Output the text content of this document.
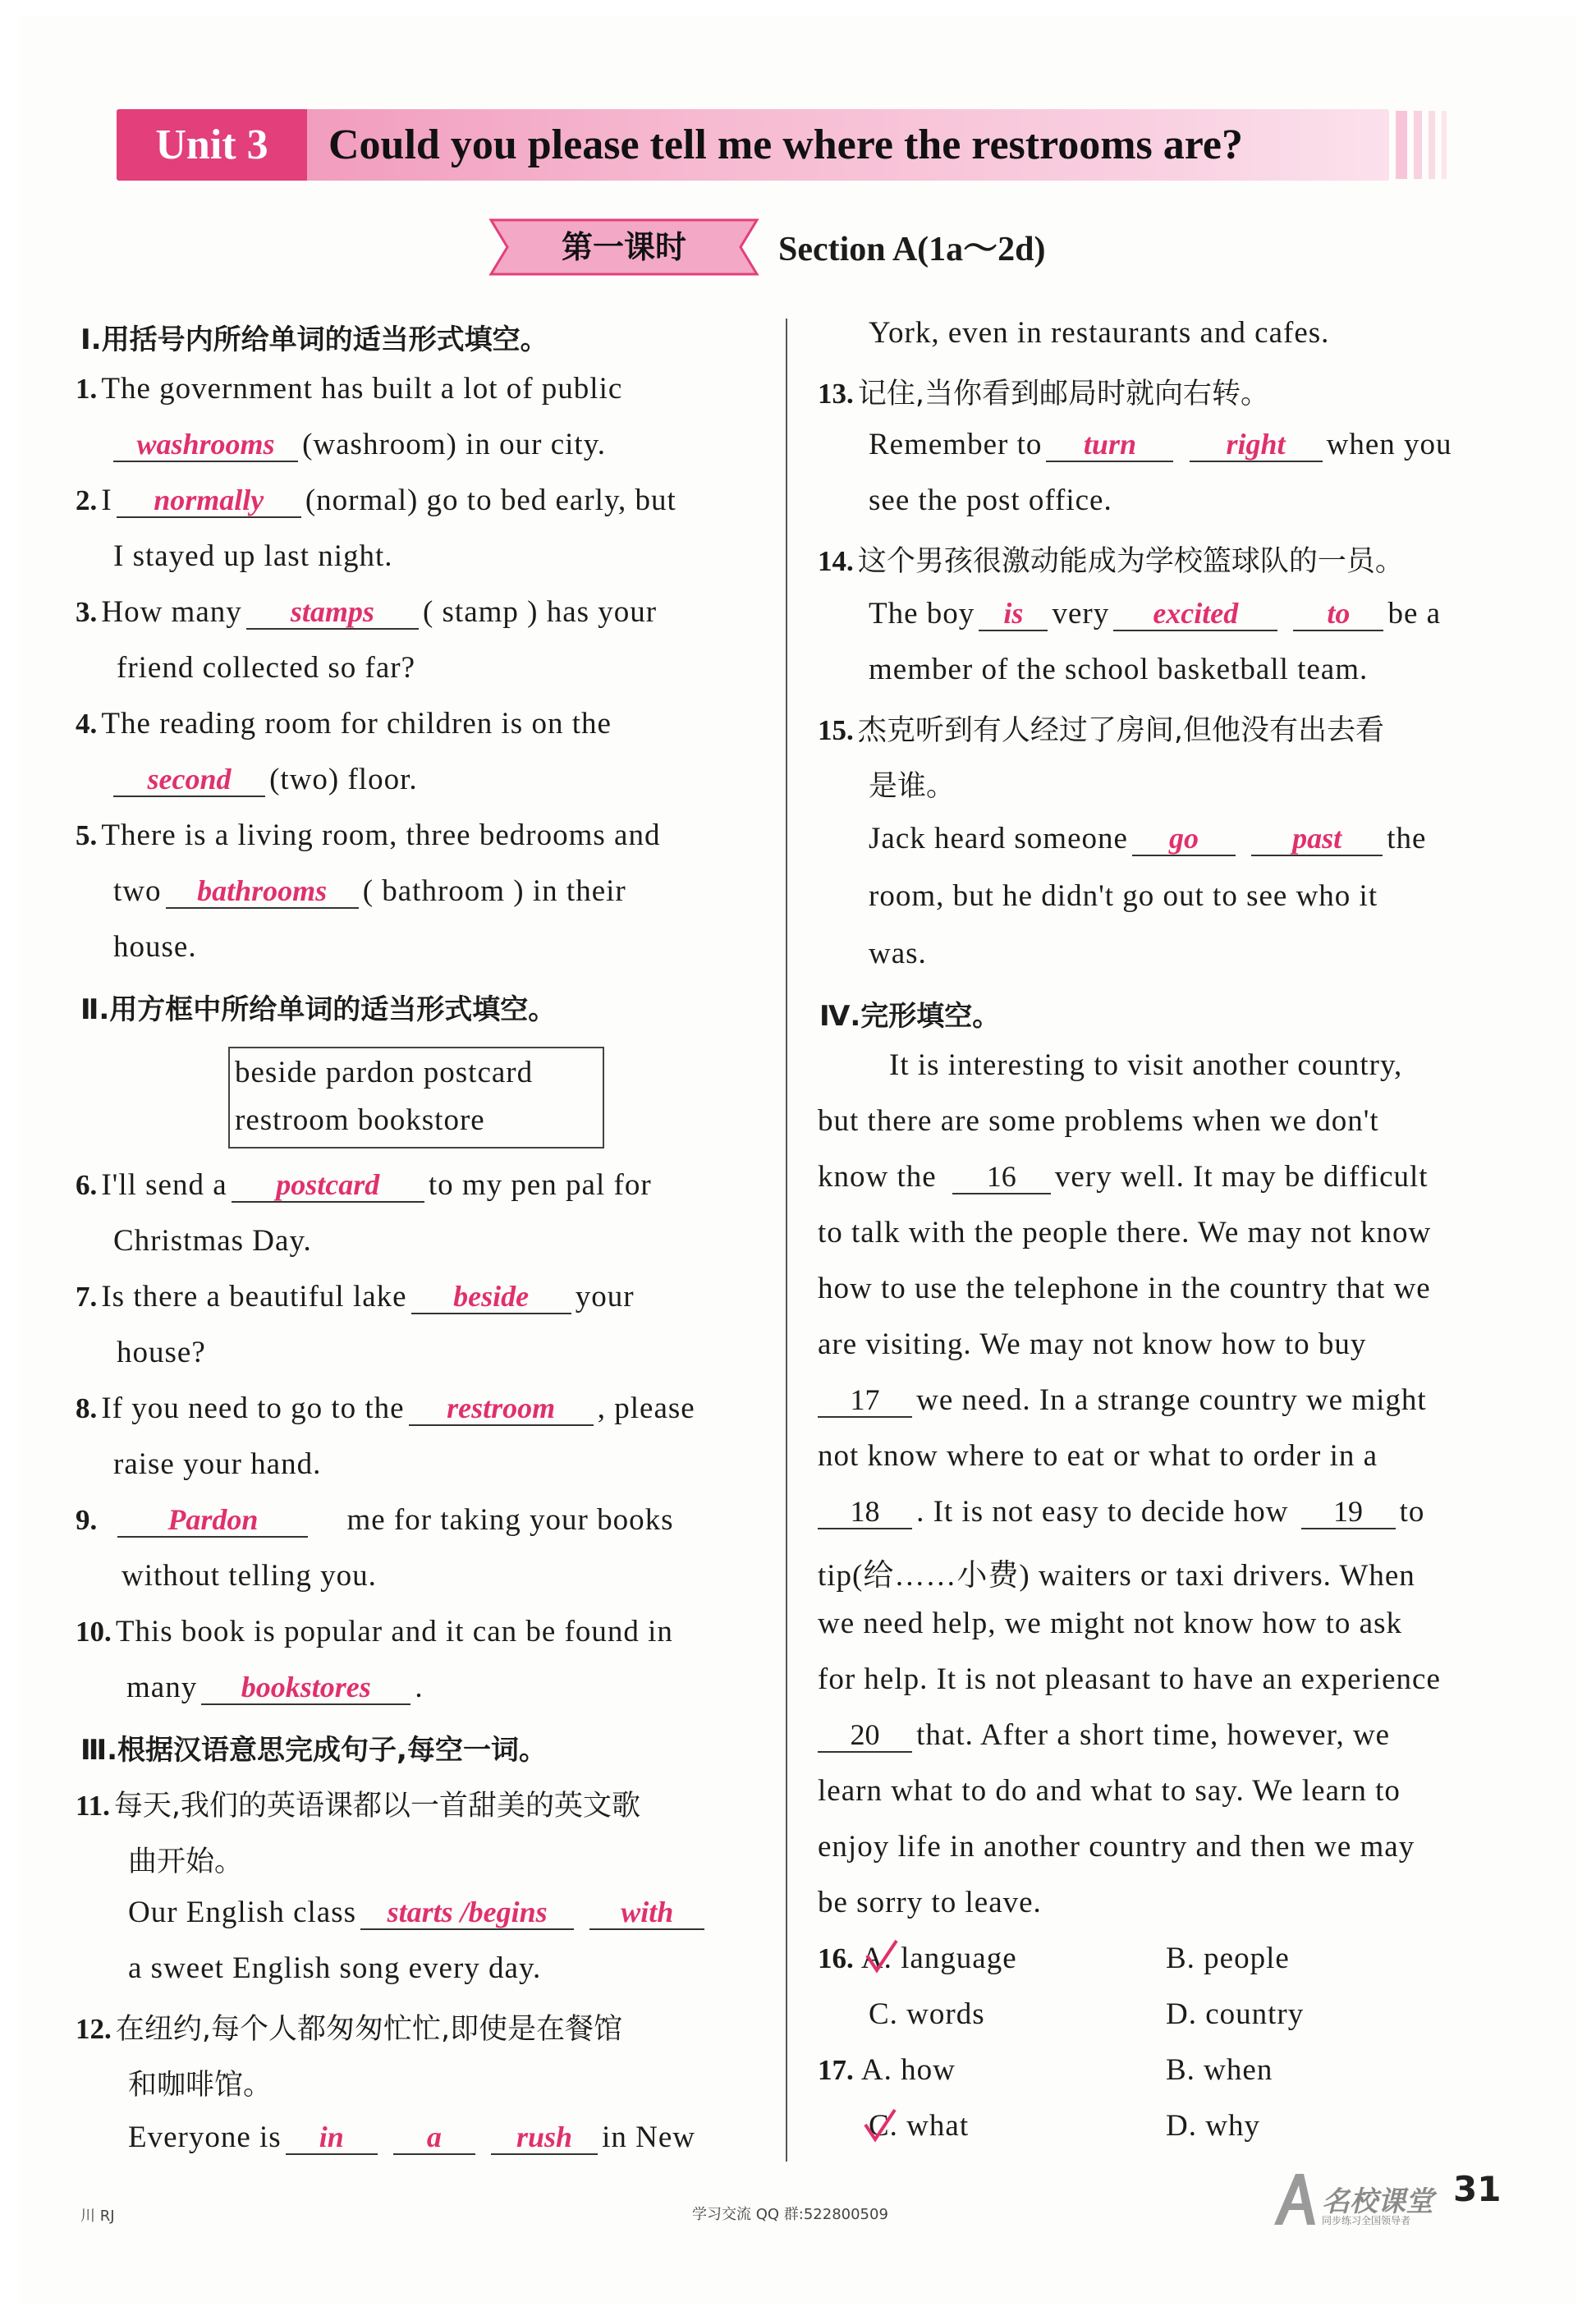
Unit 3	Could you please tell me where the restrooms are?
第一课时	Section A(1a～2d)
Ⅰ.用括号内所给单词的适当形式填空。
1. The government has built a lot of public
washrooms (washroom) in our city.
2. I normally (normal) go to bed early, but
I stayed up last night.
3. How many stamps ( stamp ) has your
friend collected so far?
4. The reading room for children is on the
second (two) floor.
5. There is a living room, three bedrooms and
two bathrooms ( bathroom ) in their
house.
Ⅱ.用方框中所给单词的适当形式填空。
beside pardon postcard
restroom bookstore
6. I'll send a postcard to my pen pal for
Christmas Day.
7. Is there a beautiful lake beside your
house?
8. If you need to go to the restroom , please
raise your hand.
9. Pardon	me for taking your books
without telling you.
10. This book is popular and it can be found in
many bookstores .
Ⅲ.根据汉语意思完成句子,每空一词。
11. 每天,我们的英语课都以一首甜美的英文歌
曲开始。
Our English class starts /begins with
a sweet English song every day.
12. 在纽约,每个人都匆匆忙忙,即使是在餐馆
和咖啡馆。
Everyone is in	a	rush in New
York, even in restaurants and cafes.
13. 记住,当你看到邮局时就向右转。
Remember to turn	right when you
see the post office.
14. 这个男孩很激动能成为学校篮球队的一员。
The boy is very excited	to be a
member of the school basketball team.
15. 杰克听到有人经过了房间,但他没有出去看
是谁。
Jack heard someone go	past the
room, but he didn't go out to see who it
was.
Ⅳ.完形填空。
It is interesting to visit another country,
but there are some problems when we don't
know the 16 very well. It may be difficult
to talk with the people there. We may not know
how to use the telephone in the country that we
are visiting. We may not know how to buy
17 we need. In a strange country we might
not know where to eat or what to order in a
18 . It is not easy to decide how 19 to
tip(给……小费) waiters or taxi drivers. When
we need help, we might not know how to ask
for help. It is not pleasant to have an experience
20 that. After a short time, however, we
learn what to do and what to say. We learn to
enjoy life in another country and then we may
be sorry to leave.
16. A. language	B. people
C. words	D. country
17. A. how	B. when
C. what	D. why
川 RJ	学习交流 QQ 群:522800509	名校课堂
同步练习全国领导者
31
